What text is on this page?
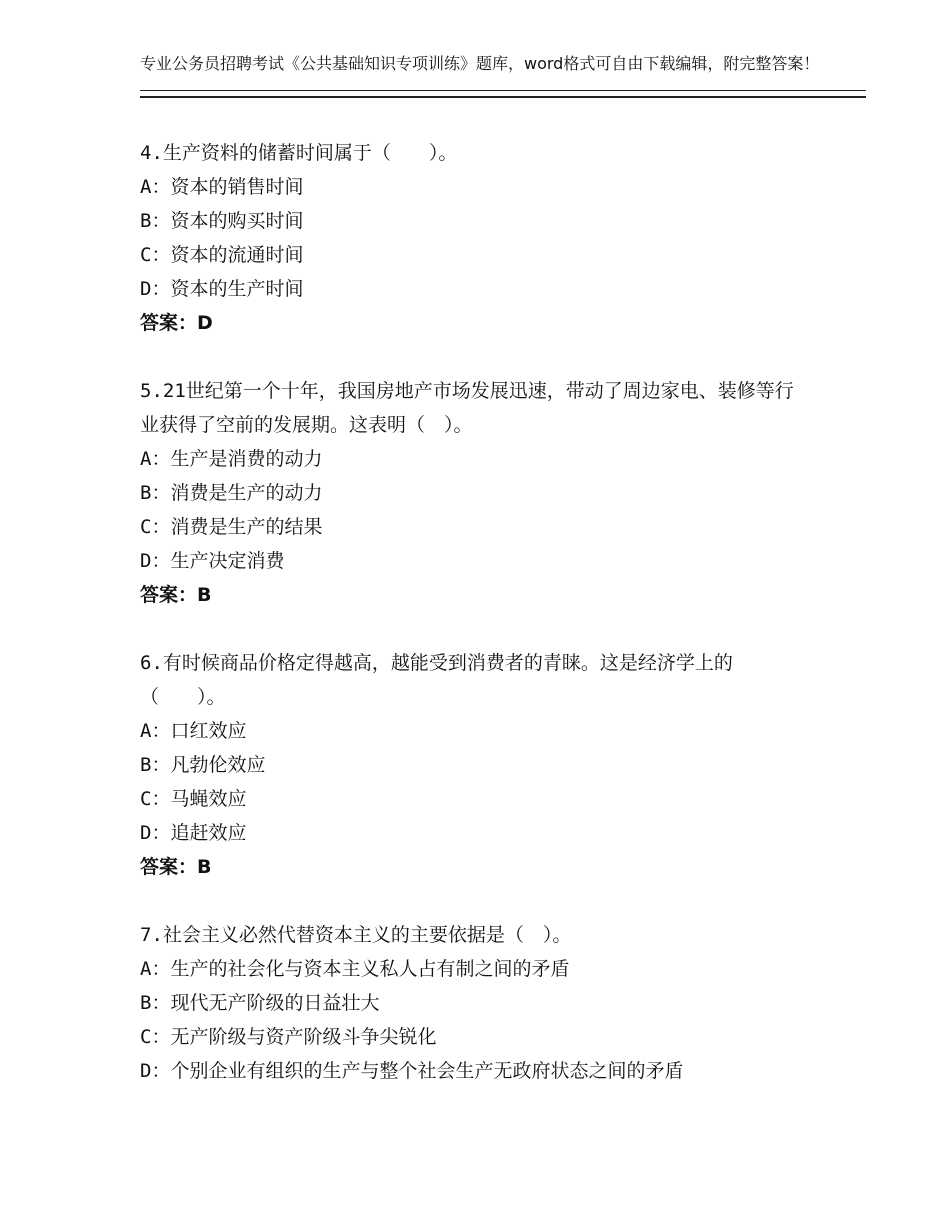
专业公务员招聘考试《公共基础知识专项训练》题库，word格式可自由下载编辑，附完整答案！

4.生产资料的储蓄时间属于（　　）。

A：资本的销售时间
B：资本的购买时间
C：资本的流通时间
D：资本的生产时间

答案：D

5.21世纪第一个十年，我国房地产市场发展迅速，带动了周边家电、装修等行业获得了空前的发展期。这表明（　）。

A：生产是消费的动力
B：消费是生产的动力
C：消费是生产的结果
D：生产决定消费

答案：B

6.有时候商品价格定得越高，越能受到消费者的青睐。这是经济学上的（　　）。

A：口红效应
B：凡勃伦效应
C：马蝇效应
D：追赶效应

答案：B

7.社会主义必然代替资本主义的主要依据是（　）。

A：生产的社会化与资本主义私人占有制之间的矛盾
B：现代无产阶级的日益壮大
C：无产阶级与资产阶级斗争尖锐化
D：个别企业有组织的生产与整个社会生产无政府状态之间的矛盾
